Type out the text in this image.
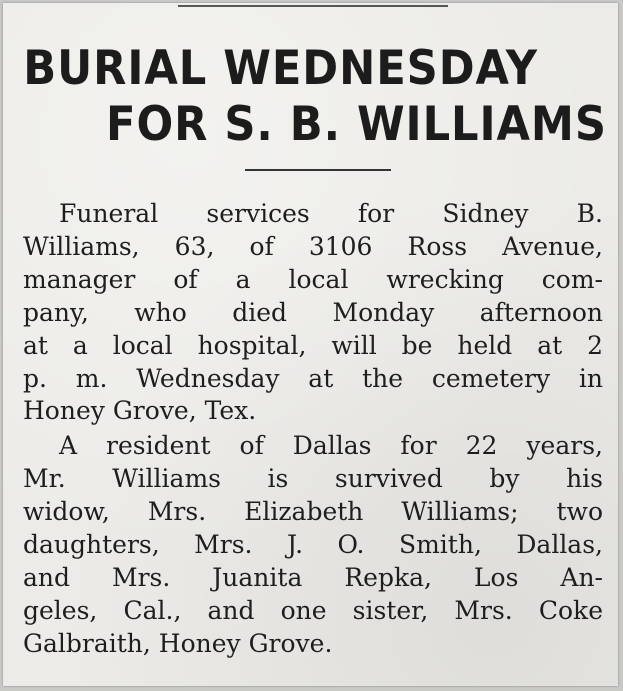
BURIAL WEDNESDAY
FOR S. B. WILLIAMS
Funeral services for Sidney B.
Williams, 63, of 3106 Ross Avenue,
manager of a local wrecking com-
pany, who died Monday afternoon
at a local hospital, will be held at 2
p. m. Wednesday at the cemetery in
Honey Grove, Tex.
A resident of Dallas for 22 years,
Mr. Williams is survived by his
widow, Mrs. Elizabeth Williams; two
daughters, Mrs. J. O. Smith, Dallas,
and Mrs. Juanita Repka, Los An-
geles, Cal., and one sister, Mrs. Coke
Galbraith, Honey Grove.
